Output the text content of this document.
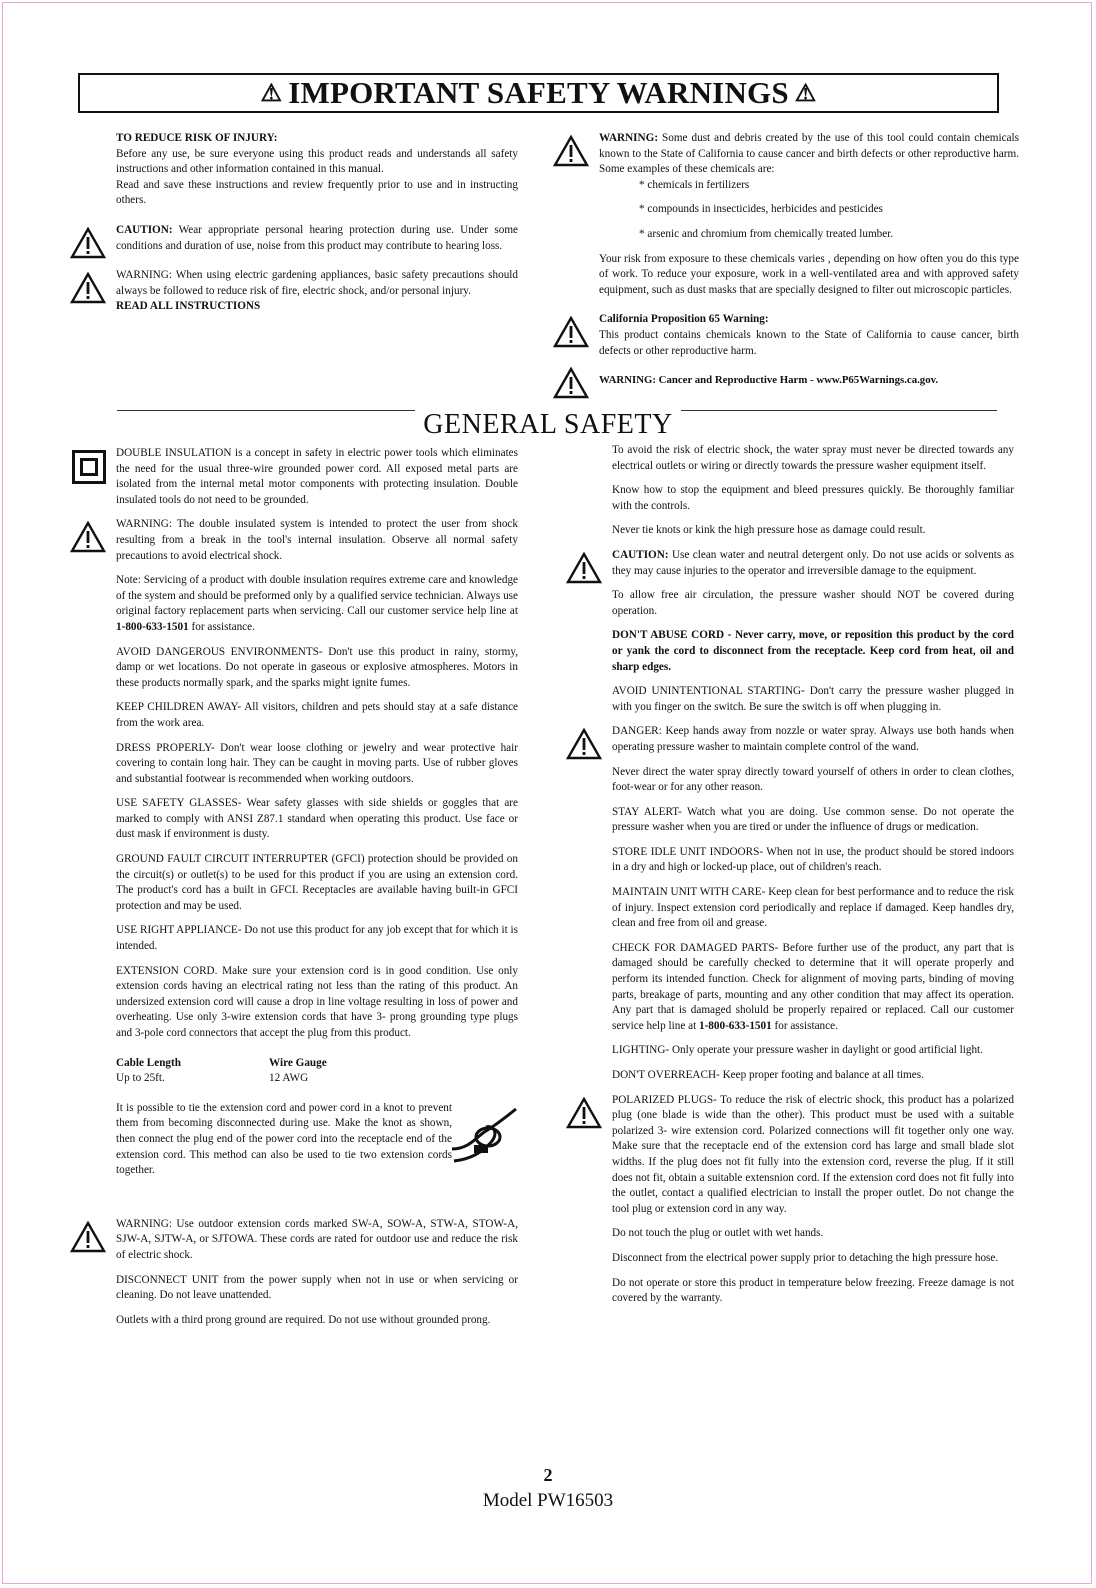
⚠ IMPORTANT SAFETY WARNINGS ⚠

TO REDUCE RISK OF INJURY:

Before any use, be sure everyone using this product reads and understands all safety instructions and other information contained in this manual.

Read and save these instructions and review frequently prior to use and in instructing others.

CAUTION: Wear appropriate personal hearing protection during use. Under some conditions and duration of use, noise from this product may contribute to hearing loss.

WARNING: When using electric gardening appliances, basic safety precautions should always be followed to reduce risk of fire, electric shock, and/or personal injury.

READ ALL INSTRUCTIONS

WARNING: Some dust and debris created by the use of this tool could contain chemicals known to the State of California to cause cancer and birth defects or other reproductive harm. Some examples of these chemicals are:

* chemicals in fertilizers

* compounds in insecticides, herbicides and pesticides

* arsenic and chromium from chemically treated lumber.

Your risk from exposure to these chemicals varies , depending on how often you do this type of work. To reduce your exposure, work in a well-ventilated area and with approved safety equipment, such as dust masks that are specially designed to filter out microscopic particles.

California Proposition 65 Warning:

This product contains chemicals known to the State of California to cause cancer, birth defects or other reproductive harm.

WARNING: Cancer and Reproductive Harm - www.P65Warnings.ca.gov.

GENERAL SAFETY

DOUBLE INSULATION is a concept in safety in electric power tools which eliminates the need for the usual three-wire grounded power cord. All exposed metal parts are isolated from the internal metal motor components with protecting insulation. Double insulated tools do not need to be grounded.

WARNING: The double insulated system is intended to protect the user from shock resulting from a break in the tool's internal insulation. Observe all normal safety precautions to avoid electrical shock.

Note: Servicing of a product with double insulation requires extreme care and knowledge of the system and should be preformed only by a qualified service technician. Always use original factory replacement parts when servicing. Call our customer service help line at 1-800-633-1501 for assistance.

AVOID DANGEROUS ENVIRONMENTS- Don't use this product in rainy, stormy, damp or wet locations. Do not operate in gaseous or explosive atmospheres. Motors in these products normally spark, and the sparks might ignite fumes.

KEEP CHILDREN AWAY- All visitors, children and pets should stay at a safe distance from the work area.

DRESS PROPERLY- Don't wear loose clothing or jewelry and wear protective hair covering to contain long hair. They can be caught in moving parts. Use of rubber gloves and substantial footwear is recommended when working outdoors.

USE SAFETY GLASSES- Wear safety glasses with side shields or goggles that are marked to comply with ANSI Z87.1 standard when operating this product. Use face or dust mask if environment is dusty.

GROUND FAULT CIRCUIT INTERRUPTER (GFCI) protection should be provided on the circuit(s) or outlet(s) to be used for this product if you are using an extension cord. The product's cord has a built in GFCI. Receptacles are available having built-in GFCI protection and may be used.

USE RIGHT APPLIANCE- Do not use this product for any job except that for which it is intended.

EXTENSION CORD. Make sure your extension cord is in good condition. Use only extension cords having an electrical rating not less than the rating of this product. An undersized extension cord will cause a drop in line voltage resulting in loss of power and overheating. Use only 3-wire extension cords that have 3- prong grounding type plugs and 3-pole cord connectors that accept the plug from this product.

Cable Length
Up to 25ft.
Wire Gauge
12 AWG

It is possible to tie the extension cord and power cord in a knot to prevent them from becoming disconnected during use. Make the knot as shown, then connect the plug end of the power cord into the receptacle end of the extension cord. This method can also be used to tie two extension cords together.

WARNING: Use outdoor extension cords marked SW-A, SOW-A, STW-A, STOW-A, SJW-A, SJTW-A, or SJTOWA. These cords are rated for outdoor use and reduce the risk of electric shock.

DISCONNECT UNIT from the power supply when not in use or when servicing or cleaning. Do not leave unattended.

Outlets with a third prong ground are required. Do not use without grounded prong.

To avoid the risk of electric shock, the water spray must never be directed towards any electrical outlets or wiring or directly towards the pressure washer equipment itself.

Know how to stop the equipment and bleed pressures quickly. Be thoroughly familiar with the controls.

Never tie knots or kink the high pressure hose as damage could result.

CAUTION: Use clean water and neutral detergent only. Do not use acids or solvents as they may cause injuries to the operator and irreversible damage to the equipment.

To allow free air circulation, the pressure washer should NOT be covered during operation.

DON'T ABUSE CORD - Never carry, move, or reposition this product by the cord or yank the cord to disconnect from the receptacle. Keep cord from heat, oil and sharp edges.

AVOID UNINTENTIONAL STARTING- Don't carry the pressure washer plugged in with you finger on the switch. Be sure the switch is off when plugging in.

DANGER: Keep hands away from nozzle or water spray. Always use both hands when operating pressure washer to maintain complete control of the wand.

Never direct the water spray directly toward yourself of others in order to clean clothes, foot-wear or for any other reason.

STAY ALERT- Watch what you are doing. Use common sense. Do not operate the pressure washer when you are tired or under the influence of drugs or medication.

STORE IDLE UNIT INDOORS- When not in use, the product should be stored indoors in a dry and high or locked-up place, out of children's reach.

MAINTAIN UNIT WITH CARE- Keep clean for best performance and to reduce the risk of injury. Inspect extension cord periodically and replace if damaged. Keep handles dry, clean and free from oil and grease.

CHECK FOR DAMAGED PARTS- Before further use of the product, any part that is damaged should be carefully checked to determine that it will operate properly and perform its intended function. Check for alignment of moving parts, binding of moving parts, breakage of parts, mounting and any other condition that may affect its operation. Any part that is damaged sholuld be properly repaired or replaced. Call our customer service help line at 1-800-633-1501 for assistance.

LIGHTING- Only operate your pressure washer in daylight or good artificial light.

DON'T OVERREACH- Keep proper footing and balance at all times.

POLARIZED PLUGS- To reduce the risk of electric shock, this product has a polarized plug (one blade is wide than the other). This product must be used with a suitable polarized 3- wire extension cord. Polarized connections will fit together only one way. Make sure that the receptacle end of the extension cord has large and small blade slot widths. If the plug does not fit fully into the extension cord, reverse the plug. If it still does not fit, obtain a suitable extensnion cord. If the extension cord does not fit fully into the outlet, contact a qualified electrician to install the proper outlet. Do not change the tool plug or extension cord in any way.

Do not touch the plug or outlet with wet hands.

Disconnect from the electrical power supply prior to detaching the high pressure hose.

Do not operate or store this product in temperature below freezing. Freeze damage is not covered by the warranty.

2
Model PW16503
